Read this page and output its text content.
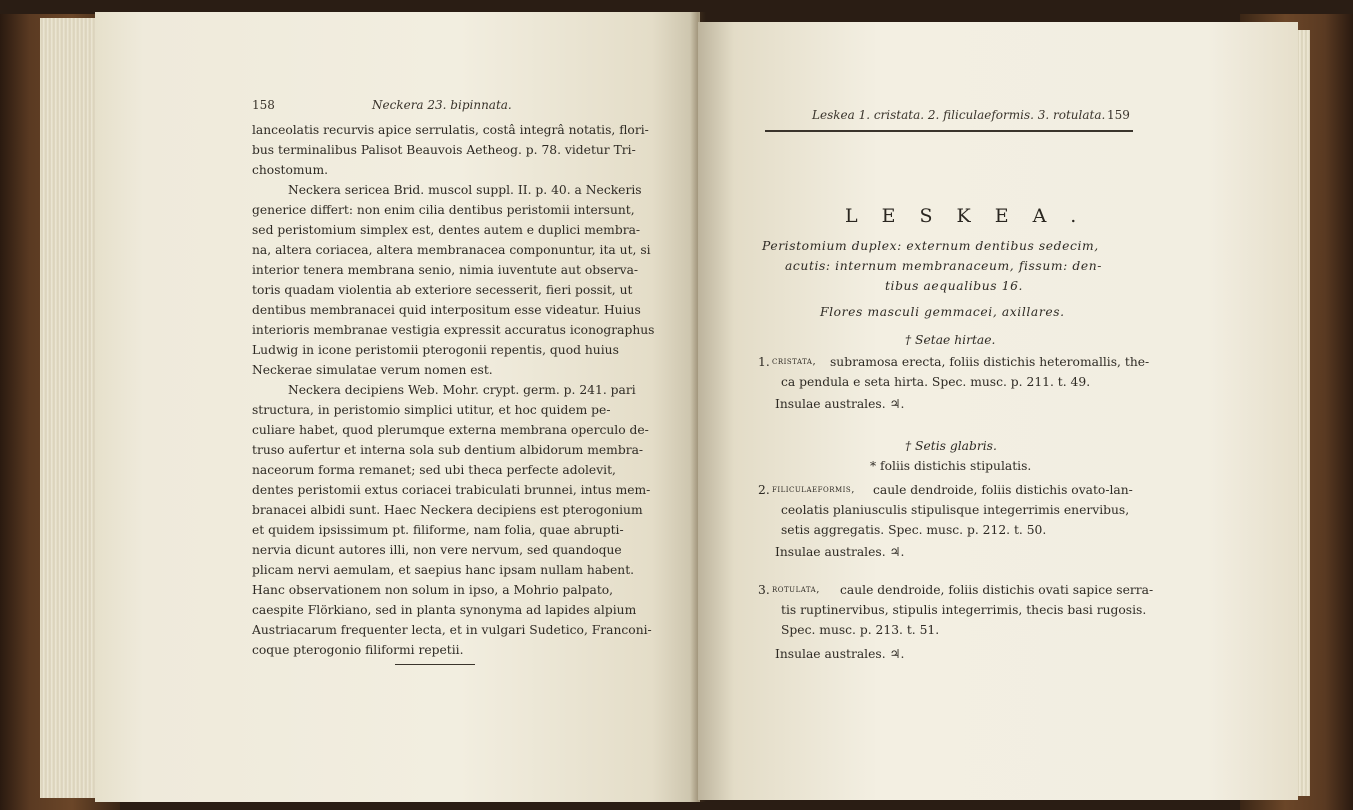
158	Neckera 23. bipinnata.
lanceolatis recurvis apice serrulatis, costâ integrâ notatis, flori-
bus terminalibus Palisot Beauvois Aetheog. p. 78. videtur Tri-
chostomum.
Neckera sericea Brid. muscol suppl. II. p. 40. a Neckeris
generice differt: non enim cilia dentibus peristomii intersunt,
sed peristomium simplex est, dentes autem e duplici membra-
na, altera coriacea, altera membranacea componuntur, ita ut, si
interior tenera membrana senio, nimia iuventute aut observa-
toris quadam violentia ab exteriore secesserit, fieri possit, ut
dentibus membranacei quid interpositum esse videatur. Huius
interioris membranae vestigia expressit accuratus iconographus
Ludwig in icone peristomii pterogonii repentis, quod huius
Neckerae simulatae verum nomen est.
Neckera decipiens Web. Mohr. crypt. germ. p. 241. pari
structura, in peristomio simplici utitur, et hoc quidem pe-
culiare habet, quod plerumque externa membrana operculo de-
truso aufertur et interna sola sub dentium albidorum membra-
naceorum forma remanet; sed ubi theca perfecte adolevit,
dentes peristomii extus coriacei trabiculati brunnei, intus mem-
branacei albidi sunt. Haec Neckera decipiens est pterogonium
et quidem ipsissimum pt. filiforme, nam folia, quae abrupti-
nervia dicunt autores illi, non vere nervum, sed quandoque
plicam nervi aemulam, et saepius hanc ipsam nullam habent.
Hanc observationem non solum in ipso, a Mohrio palpato,
caespite Flörkiano, sed in planta synonyma ad lapides alpium
Austriacarum frequenter lecta, et in vulgari Sudetico, Franconi-
coque pterogonio filiformi repetii.
Leskea 1. cristata. 2. filiculaeformis. 3. rotulata. 159
LESKEA.
Peristomium duplex: externum dentibus sedecim,
acutis: internum membranaceum, fissum: den-
tibus aequalibus 16.
Flores masculi gemmacei, axillares.
† Setae hirtae.
1. cristata, subramosa erecta, foliis distichis heteromallis, the-
ca pendula e seta hirta. Spec. musc. p. 211. t. 49.
Insulae australes. ♃.
† Setis glabris.
* foliis distichis stipulatis.
2. filiculaeformis, caule dendroide, foliis distichis ovato-lan-
ceolatis planiusculis stipulisque integerrimis enervibus,
setis aggregatis. Spec. musc. p. 212. t. 50.
Insulae australes. ♃.
3. rotulata, caule dendroide, foliis distichis ovati sapice serra-
tis ruptinervibus, stipulis integerrimis, thecis basi rugosis.
Spec. musc. p. 213. t. 51.
Insulae australes. ♃.
